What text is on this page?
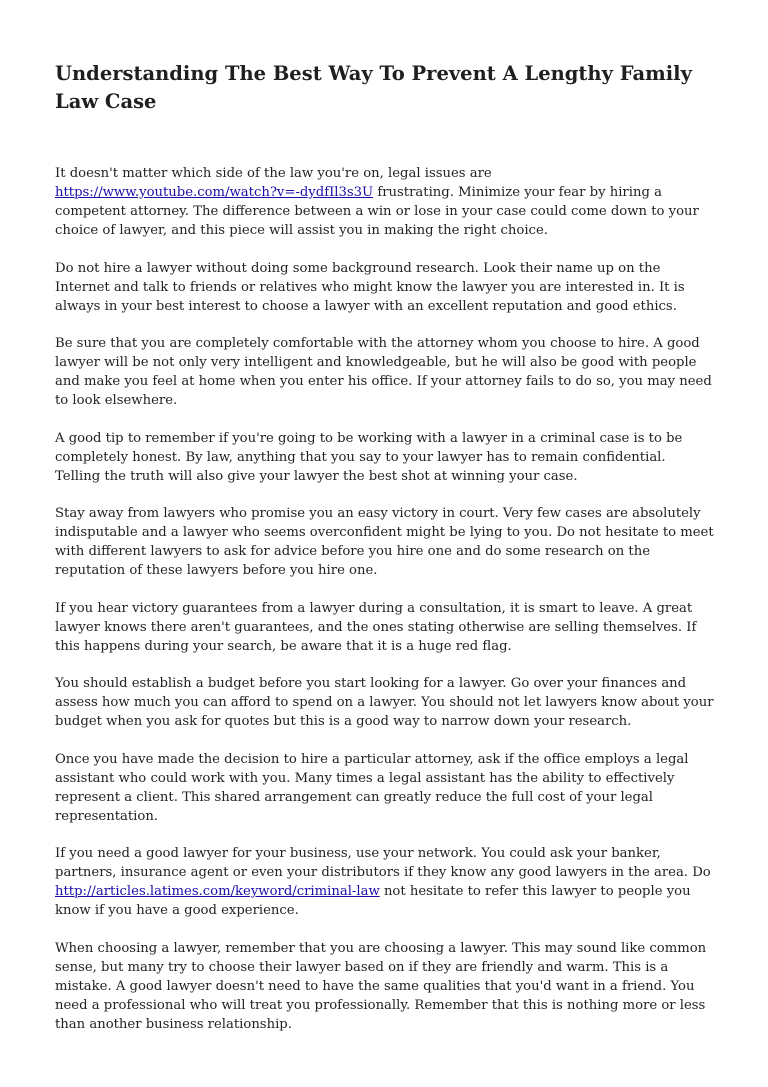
Understanding The Best Way To Prevent A Lengthy Family Law Case

It doesn't matter which side of the law you're on, legal issues are https://www.youtube.com/watch?v=-dydfIl3s3U frustrating. Minimize your fear by hiring a competent attorney. The difference between a win or lose in your case could come down to your choice of lawyer, and this piece will assist you in making the right choice.

Do not hire a lawyer without doing some background research. Look their name up on the Internet and talk to friends or relatives who might know the lawyer you are interested in. It is always in your best interest to choose a lawyer with an excellent reputation and good ethics.

Be sure that you are completely comfortable with the attorney whom you choose to hire. A good lawyer will be not only very intelligent and knowledgeable, but he will also be good with people and make you feel at home when you enter his office. If your attorney fails to do so, you may need to look elsewhere.

A good tip to remember if you're going to be working with a lawyer in a criminal case is to be completely honest. By law, anything that you say to your lawyer has to remain confidential. Telling the truth will also give your lawyer the best shot at winning your case.

Stay away from lawyers who promise you an easy victory in court. Very few cases are absolutely indisputable and a lawyer who seems overconfident might be lying to you. Do not hesitate to meet with different lawyers to ask for advice before you hire one and do some research on the reputation of these lawyers before you hire one.

If you hear victory guarantees from a lawyer during a consultation, it is smart to leave. A great lawyer knows there aren't guarantees, and the ones stating otherwise are selling themselves. If this happens during your search, be aware that it is a huge red flag.

You should establish a budget before you start looking for a lawyer. Go over your finances and assess how much you can afford to spend on a lawyer. You should not let lawyers know about your budget when you ask for quotes but this is a good way to narrow down your research.

Once you have made the decision to hire a particular attorney, ask if the office employs a legal assistant who could work with you. Many times a legal assistant has the ability to effectively represent a client. This shared arrangement can greatly reduce the full cost of your legal representation.

If you need a good lawyer for your business, use your network. You could ask your banker, partners, insurance agent or even your distributors if they know any good lawyers in the area. Do http://articles.latimes.com/keyword/criminal-law not hesitate to refer this lawyer to people you know if you have a good experience.

When choosing a lawyer, remember that you are choosing a lawyer. This may sound like common sense, but many try to choose their lawyer based on if they are friendly and warm. This is a mistake. A good lawyer doesn't need to have the same qualities that you'd want in a friend. You need a professional who will treat you professionally. Remember that this is nothing more or less than another business relationship.
